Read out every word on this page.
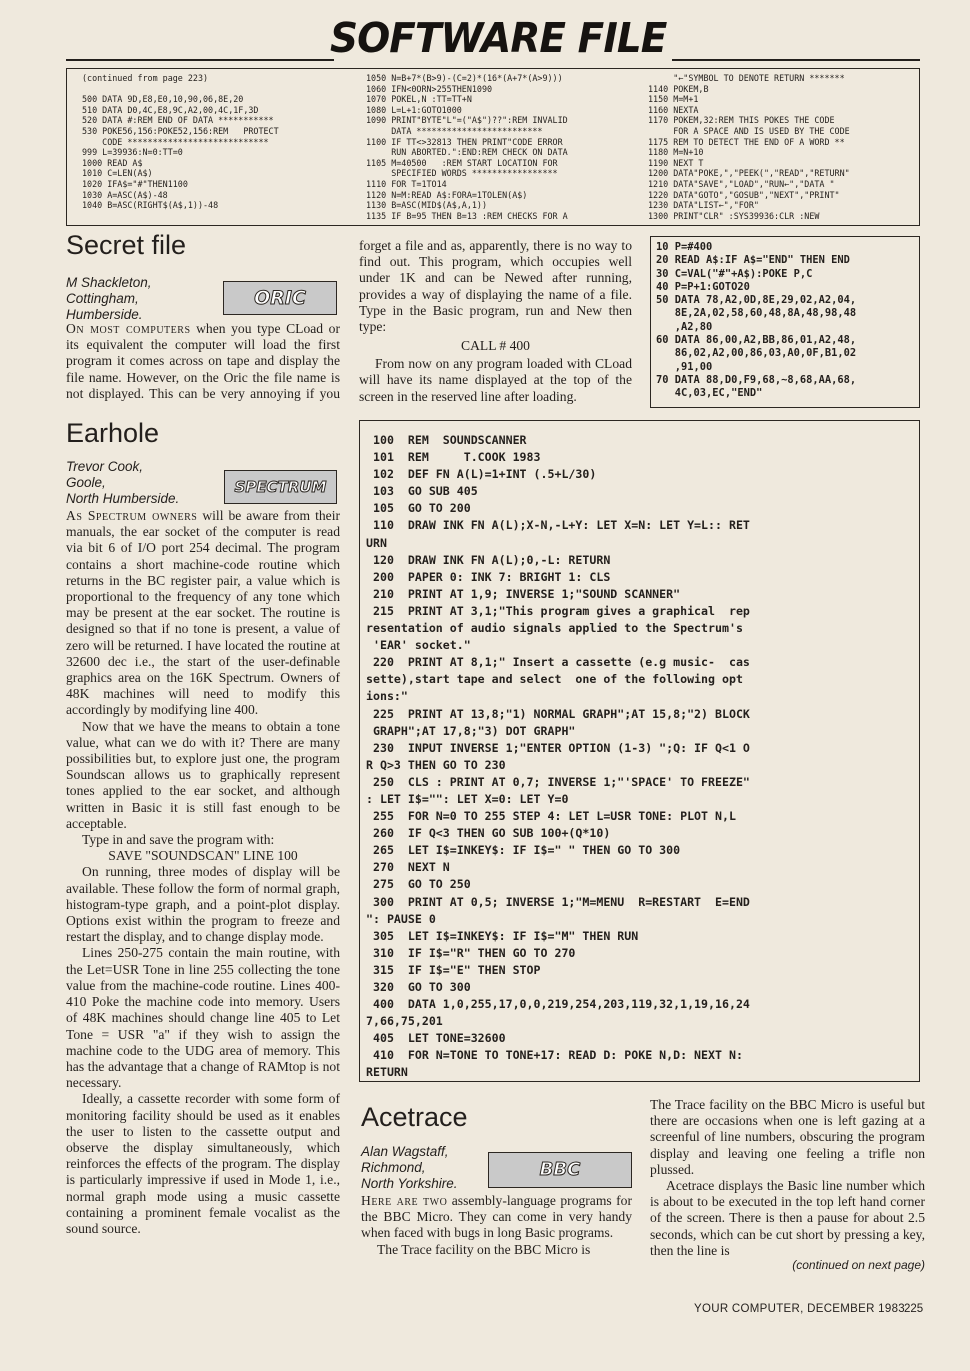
SOFTWARE FILE
(continued from page 223)

500 DATA 9D,E8,E0,10,90,06,8E,20
510 DATA D0,4C,E8,9C,A2,00,4C,1F,3D
520 DATA #:REM END OF DATA ***********
530 POKE56,156:POKE52,156:REM   PROTECT
CODE ****************************
999 L=39936:N=0:TT=0
1000 READ A$
1010 C=LEN(A$)
1020 IFA$="#"THEN1100
1030 A=ASC(A$)-48
1040 B=ASC(RIGHT$(A$,1))-48
1050 N=B+7*(B>9)-(C=2)*(16*(A+7*(A>9)))
1060 IFN<0ORN>255THEN1090
1070 POKEL,N :TT=TT+N
1080 L=L+1:GOTO1000
1090 PRINT"BYTE"L"=("A$")??":REM INVALID
DATA *************************
1100 IF TT<>32813 THEN PRINT"CODE ERROR
RUN ABORTED.":END:REM CHECK ON DATA
1105 M=40500   :REM START LOCATION FOR
SPECIFIED WORDS *****************
1110 FOR T=1TO14
1120 N=M:READ A$:FORA=1TOLEN(A$)
1130 B=ASC(MID$(A$,A,1))
1135 IF B=95 THEN B=13 :REM CHECKS FOR A
"←"SYMBOL TO DENOTE RETURN *******
1140 POKEM,B
1150 M=M+1
1160 NEXTA
1170 POKEM,32:REM THIS POKES THE CODE
FOR A SPACE AND IS USED BY THE CODE
1175 REM TO DETECT THE END OF A WORD **
1180 M=N+10
1190 NEXT T
1200 DATA"POKE,","PEEK(","READ","RETURN"
1210 DATA"SAVE","LOAD","RUN←","DATA "
1220 DATA"GOTO","GOSUB","NEXT","PRINT"
1230 DATA"LIST←","FOR"
1300 PRINT"CLR" :SYS39936:CLR :NEW
Secret file
M Shackleton,
Cottingham,
Humberside.
ORIC

On most computers when you type CLoad or its equivalent the computer will load the first program it comes across on tape and display the file name. However, on the Oric the file name is not displayed. This can be very annoying if you

forget a file and as, apparently, there is no way to find out. This program, which occupies well under 1K and can be Newed after running, provides a way of displaying the name of a file. Type in the Basic program, run and New then type:

CALL # 400

From now on any program loaded with CLoad will have its name displayed at the top of the screen in the reserved line after loading.

10 P=#400
20 READ A$:IF A$="END" THEN END
30 C=VAL("#"+A$):POKE P,C
40 P=P+1:GOTO20
50 DATA 78,A2,0D,8E,29,02,A2,04,
8E,2A,02,58,60,48,8A,48,98,48
,A2,80
60 DATA 86,00,A2,BB,86,01,A2,48,
86,02,A2,00,86,03,A0,0F,B1,02
,91,00
70 DATA 88,D0,F9,68,~8,68,AA,68,
4C,03,EC,"END"
Earhole
Trevor Cook,
Goole,
North Humberside.
SPECTRUM

As Spectrum owners will be aware from their manuals, the ear socket of the computer is read via bit 6 of I/O port 254 decimal. The program contains a short machine-code routine which returns in the BC register pair, a value which is proportional to the frequency of any tone which may be present at the ear socket. The routine is designed so that if no tone is present, a value of zero will be returned. I have located the routine at 32600 dec i.e., the start of the user-definable graphics area on the 16K Spectrum. Owners of 48K machines will need to modify this accordingly by modifying line 400.

Now that we have the means to obtain a tone value, what can we do with it? There are many possibilities but, to explore just one, the program Soundscan allows us to graphically represent tones applied to the ear socket, and although written in Basic it is still fast enough to be acceptable.

Type in and save the program with:

SAVE "SOUNDSCAN" LINE 100

On running, three modes of display will be available. These follow the form of normal graph, histogram-type graph, and a point-plot display. Options exist within the program to freeze and restart the display, and to change display mode.

Lines 250-275 contain the main routine, with the Let=USR Tone in line 255 collecting the tone value from the machine-code routine. Lines 400-410 Poke the machine code into memory. Users of 48K machines should change line 405 to Let Tone = USR "a" if they wish to assign the machine code to the UDG area of memory. This has the advantage that a change of RAMtop is not necessary.

Ideally, a cassette recorder with some form of monitoring facility should be used as it enables the user to listen to the cassette output and observe the display simultaneously, which reinforces the effects of the program. The display is particularly impressive if used in Mode 1, i.e., normal graph mode using a music cassette containing a prominent female vocalist as the sound source.

100  REM  SOUNDSCANNER
101  REM     T.COOK 1983
102  DEF FN A(L)=1+INT (.5+L/30)
103  GO SUB 405
105  GO TO 200
110  DRAW INK FN A(L);X-N,-L+Y: LET X=N: LET Y=L:: RET
URN
120  DRAW INK FN A(L);0,-L: RETURN
200  PAPER 0: INK 7: BRIGHT 1: CLS
210  PRINT AT 1,9; INVERSE 1;"SOUND SCANNER"
215  PRINT AT 3,1;"This program gives a graphical  rep
resentation of audio signals applied to the Spectrum's
'EAR' socket."
220  PRINT AT 8,1;" Insert a cassette (e.g music-  cas
sette),start tape and select  one of the following opt
ions:"
225  PRINT AT 13,8;"1) NORMAL GRAPH";AT 15,8;"2) BLOCK
GRAPH";AT 17,8;"3) DOT GRAPH"
230  INPUT INVERSE 1;"ENTER OPTION (1-3) ";Q: IF Q<1 O
R Q>3 THEN GO TO 230
250  CLS : PRINT AT 0,7; INVERSE 1;"'SPACE' TO FREEZE"
: LET I$="": LET X=0: LET Y=0
255  FOR N=0 TO 255 STEP 4: LET L=USR TONE: PLOT N,L
260  IF Q<3 THEN GO SUB 100+(Q*10)
265  LET I$=INKEY$: IF I$=" " THEN GO TO 300
270  NEXT N
275  GO TO 250
300  PRINT AT 0,5; INVERSE 1;"M=MENU  R=RESTART  E=END
": PAUSE 0
305  LET I$=INKEY$: IF I$="M" THEN RUN
310  IF I$="R" THEN GO TO 270
315  IF I$="E" THEN STOP
320  GO TO 300
400  DATA 1,0,255,17,0,0,219,254,203,119,32,1,19,16,24
7,66,75,201
405  LET TONE=32600
410  FOR N=TONE TO TONE+17: READ D: POKE N,D: NEXT N:
RETURN
Acetrace
Alan Wagstaff,
Richmond,
North Yorkshire.
BBC

Here are two assembly-language programs for the BBC Micro. They can come in very handy when faced with bugs in long Basic programs.

The Trace facility on the BBC Micro is

The Trace facility on the BBC Micro is useful but there are occasions when one is left gazing at a screenful of line numbers, obscuring the program display and leaving one feeling a trifle non plussed.

Acetrace displays the Basic line number which is about to be executed in the top left hand corner of the screen. There is then a pause for about 2.5 seconds, which can be cut short by pressing a key, then the line is

(continued on next page)
YOUR COMPUTER, DECEMBER 1983 225
